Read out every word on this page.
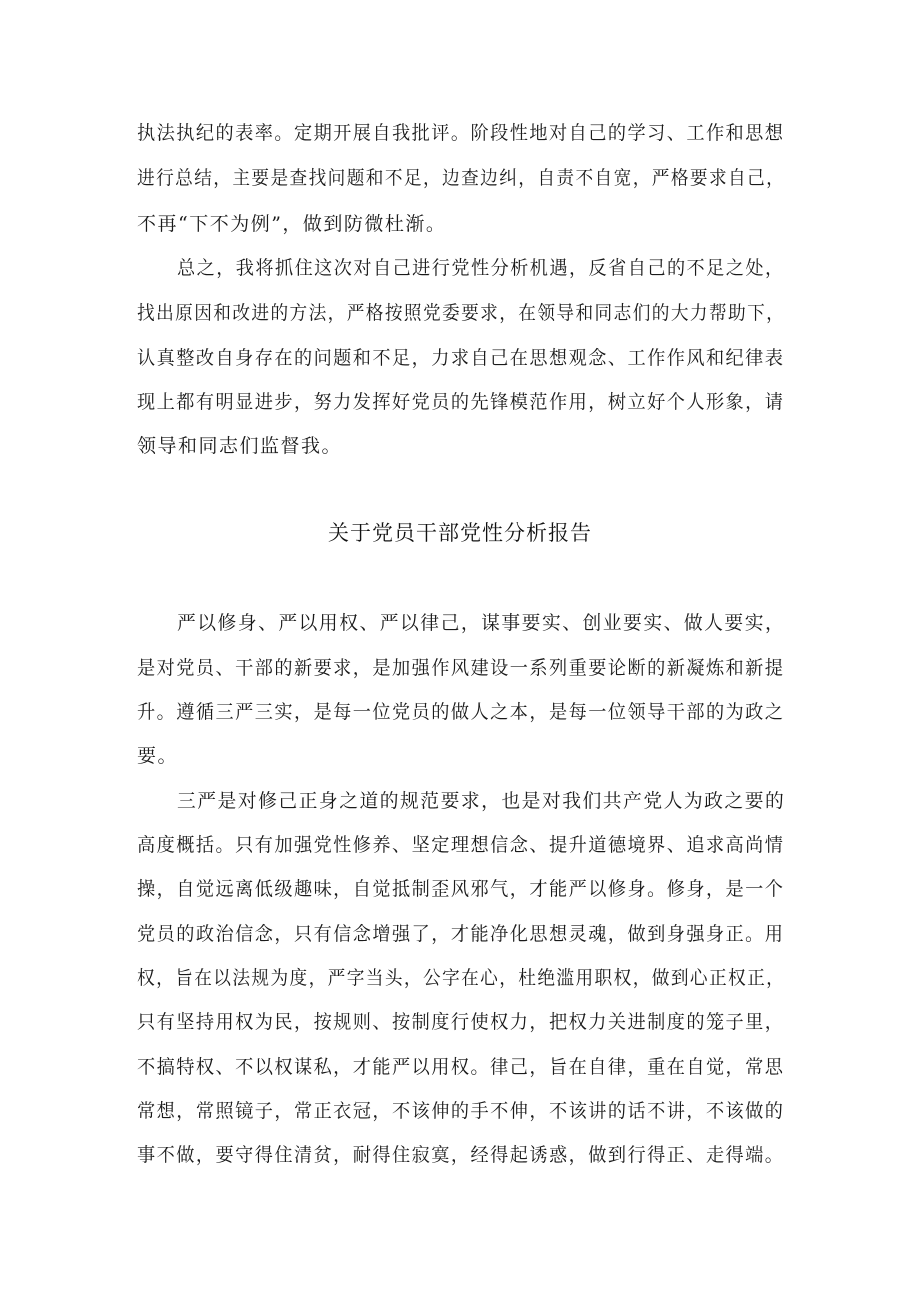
执法执纪的表率。定期开展自我批评。阶段性地对自己的学习、工作和思想
进行总结，主要是查找问题和不足，边查边纠，自责不自宽，严格要求自己，
不再“下不为例”，做到防微杜渐。
总之，我将抓住这次对自己进行党性分析机遇，反省自己的不足之处，
找出原因和改进的方法，严格按照党委要求，在领导和同志们的大力帮助下，
认真整改自身存在的问题和不足，力求自己在思想观念、工作作风和纪律表
现上都有明显进步，努力发挥好党员的先锋模范作用，树立好个人形象，请
领导和同志们监督我。
关于党员干部党性分析报告
严以修身、严以用权、严以律己，谋事要实、创业要实、做人要实，
是对党员、干部的新要求，是加强作风建设一系列重要论断的新凝炼和新提
升。遵循三严三实，是每一位党员的做人之本，是每一位领导干部的为政之
要。
三严是对修己正身之道的规范要求，也是对我们共产党人为政之要的
高度概括。只有加强党性修养、坚定理想信念、提升道德境界、追求高尚情
操，自觉远离低级趣味，自觉抵制歪风邪气，才能严以修身。修身，是一个
党员的政治信念，只有信念增强了，才能净化思想灵魂，做到身强身正。用
权，旨在以法规为度，严字当头，公字在心，杜绝滥用职权，做到心正权正，
只有坚持用权为民，按规则、按制度行使权力，把权力关进制度的笼子里，
不搞特权、不以权谋私，才能严以用权。律己，旨在自律，重在自觉，常思
常想，常照镜子，常正衣冠，不该伸的手不伸，不该讲的话不讲，不该做的
事不做，要守得住清贫，耐得住寂寞，经得起诱惑，做到行得正、走得端。
